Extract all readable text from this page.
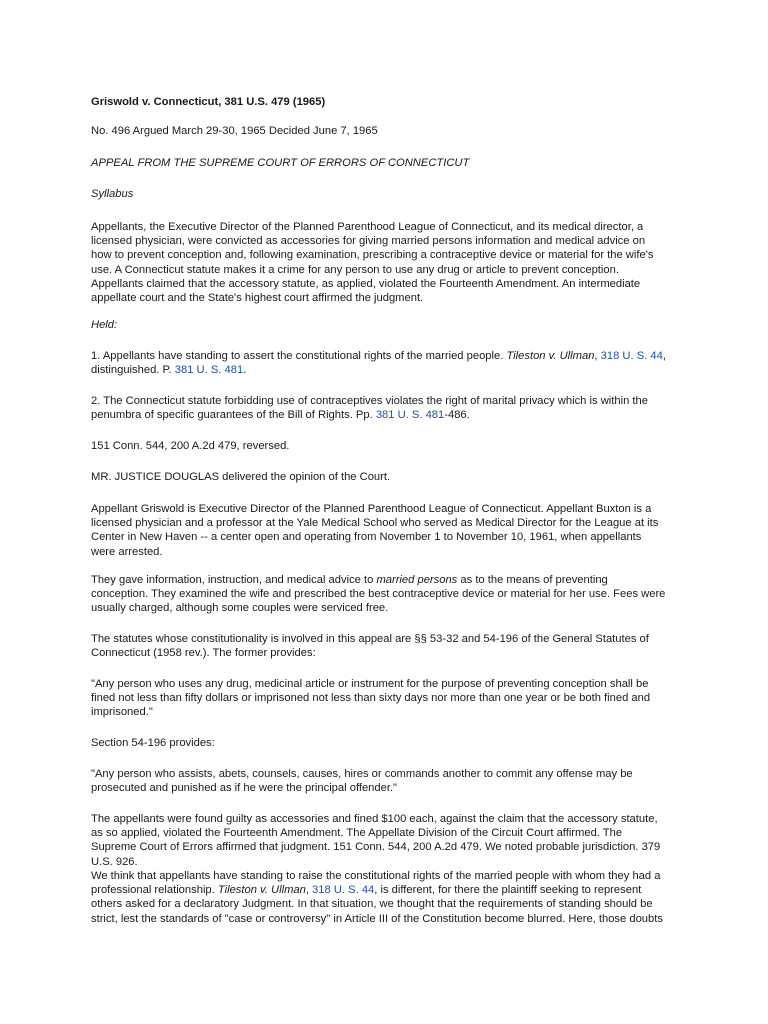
Griswold v. Connecticut, 381 U.S. 479 (1965)

No. 496 Argued March 29-30, 1965 Decided June 7, 1965

APPEAL FROM THE SUPREME COURT OF ERRORS OF CONNECTICUT

Syllabus

Appellants, the Executive Director of the Planned Parenthood League of Connecticut, and its medical director, a licensed physician, were convicted as accessories for giving married persons information and medical advice on how to prevent conception and, following examination, prescribing a contraceptive device or material for the wife's use. A Connecticut statute makes it a crime for any person to use any drug or article to prevent conception. Appellants claimed that the accessory statute, as applied, violated the Fourteenth Amendment. An intermediate appellate court and the State's highest court affirmed the judgment.

Held:

1. Appellants have standing to assert the constitutional rights of the married people. Tileston v. Ullman, 318 U. S. 44, distinguished. P. 381 U. S. 481.

2. The Connecticut statute forbidding use of contraceptives violates the right of marital privacy which is within the penumbra of specific guarantees of the Bill of Rights. Pp. 381 U. S. 481-486.

151 Conn. 544, 200 A.2d 479, reversed.

MR. JUSTICE DOUGLAS delivered the opinion of the Court.

Appellant Griswold is Executive Director of the Planned Parenthood League of Connecticut. Appellant Buxton is a licensed physician and a professor at the Yale Medical School who served as Medical Director for the League at its Center in New Haven -- a center open and operating from November 1 to November 10, 1961, when appellants were arrested.

They gave information, instruction, and medical advice to married persons as to the means of preventing conception. They examined the wife and prescribed the best contraceptive device or material for her use. Fees were usually charged, although some couples were serviced free.

The statutes whose constitutionality is involved in this appeal are §§ 53-32 and 54-196 of the General Statutes of Connecticut (1958 rev.). The former provides:

"Any person who uses any drug, medicinal article or instrument for the purpose of preventing conception shall be fined not less than fifty dollars or imprisoned not less than sixty days nor more than one year or be both fined and imprisoned."

Section 54-196 provides:

"Any person who assists, abets, counsels, causes, hires or commands another to commit any offense may be prosecuted and punished as if he were the principal offender."

The appellants were found guilty as accessories and fined $100 each, against the claim that the accessory statute, as so applied, violated the Fourteenth Amendment. The Appellate Division of the Circuit Court affirmed. The Supreme Court of Errors affirmed that judgment. 151 Conn. 544, 200 A.2d 479. We noted probable jurisdiction. 379 U.S. 926.

We think that appellants have standing to raise the constitutional rights of the married people with whom they had a professional relationship. Tileston v. Ullman, 318 U. S. 44, is different, for there the plaintiff seeking to represent others asked for a declaratory Judgment. In that situation, we thought that the requirements of standing should be strict, lest the standards of "case or controversy" in Article III of the Constitution become blurred. Here, those doubts
